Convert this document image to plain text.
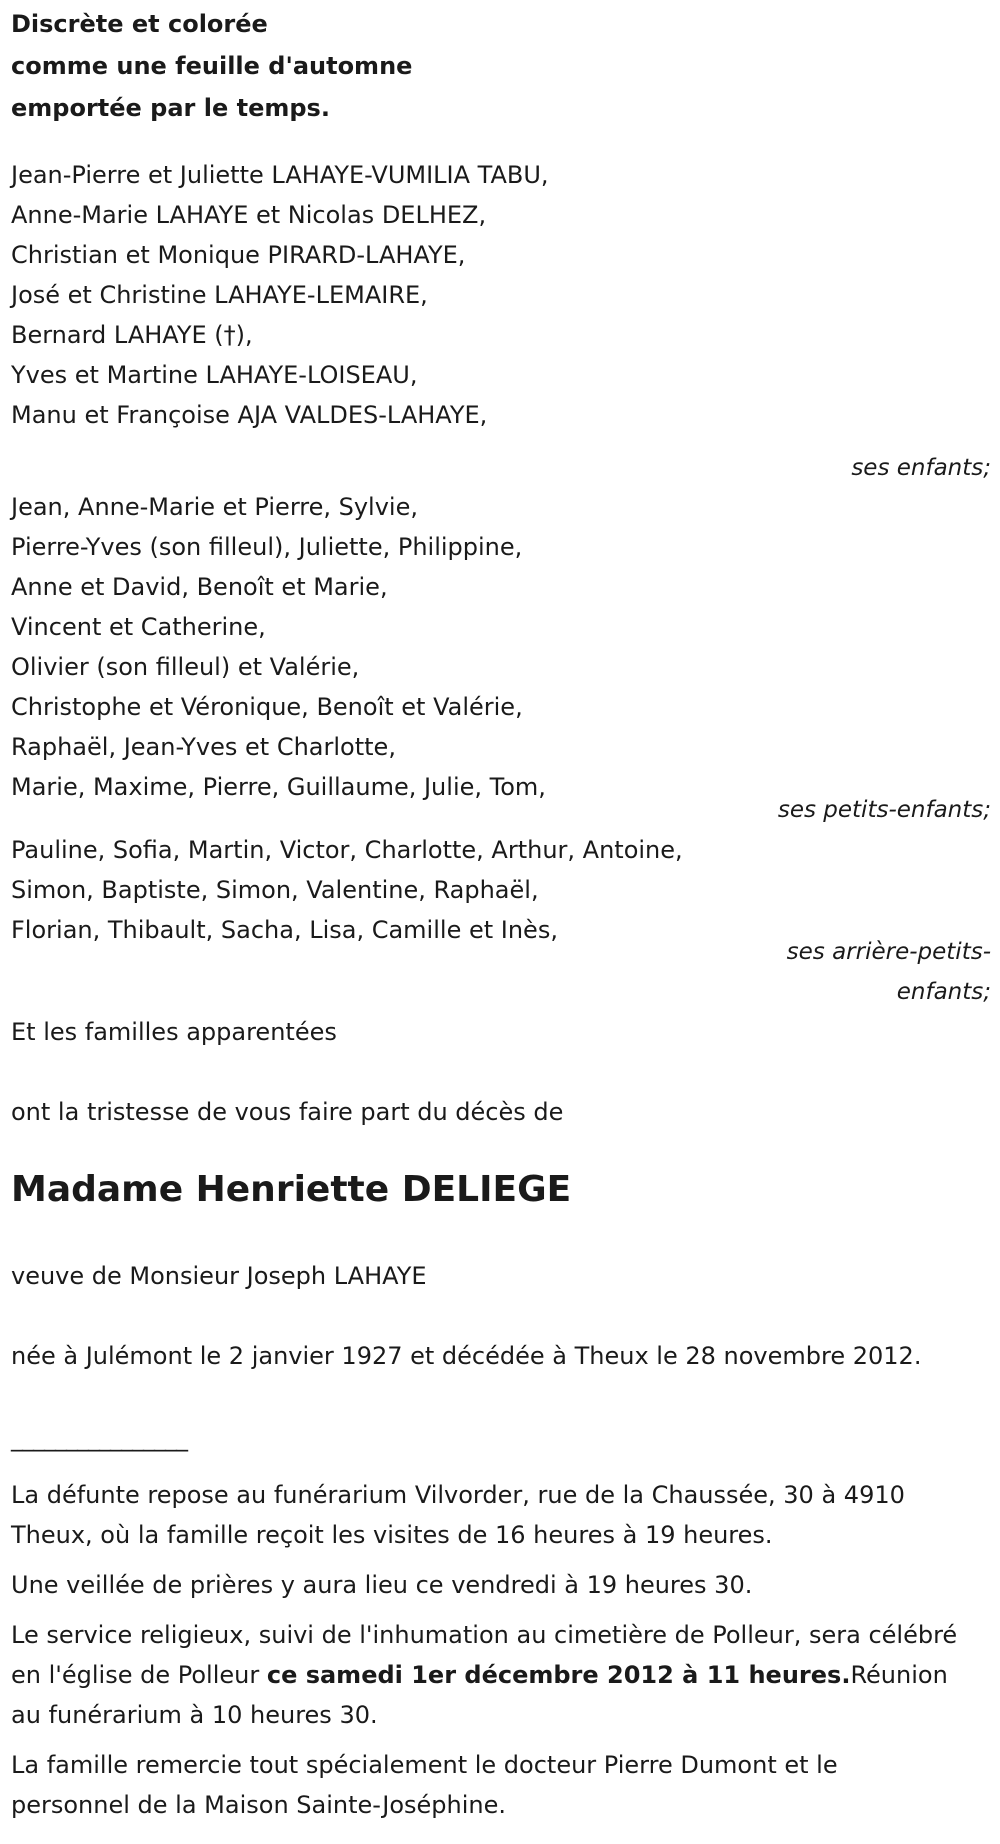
Discrète et colorée
comme une feuille d'automne
emportée par le temps.
Jean-Pierre et Juliette LAHAYE-VUMILIA TABU,
Anne-Marie LAHAYE et Nicolas DELHEZ,
Christian et Monique PIRARD-LAHAYE,
José et Christine LAHAYE-LEMAIRE,
Bernard LAHAYE (†),
Yves et Martine LAHAYE-LOISEAU,
Manu et Françoise AJA VALDES-LAHAYE,
ses enfants;
Jean, Anne-Marie et Pierre, Sylvie,
Pierre-Yves (son filleul), Juliette, Philippine,
Anne et David, Benoît et Marie,
Vincent et Catherine,
Olivier (son filleul) et Valérie,
Christophe et Véronique, Benoît et Valérie,
Raphaël, Jean-Yves et Charlotte,
Marie, Maxime, Pierre, Guillaume, Julie, Tom,
ses petits-enfants;
Pauline, Sofia, Martin, Victor, Charlotte, Arthur, Antoine,
Simon, Baptiste, Simon, Valentine, Raphaël,
Florian, Thibault, Sacha, Lisa, Camille et Inès,
ses arrière-petits-
enfants;
Et les familles apparentées
ont la tristesse de vous faire part du décès de
Madame Henriette DELIEGE
veuve de Monsieur Joseph LAHAYE
née à Julémont le 2 janvier 1927 et décédée à Theux le 28 novembre 2012.
________________
La défunte repose au funérarium Vilvorder, rue de la Chaussée, 30 à 4910 Theux, où la famille reçoit les visites de 16 heures à 19 heures.
Une veillée de prières y aura lieu ce vendredi à 19 heures 30.
Le service religieux, suivi de l'inhumation au cimetière de Polleur, sera célébré en l'église de Polleur ce samedi 1er décembre 2012 à 11 heures.Réunion au funérarium à 10 heures 30.
La famille remercie tout spécialement le docteur Pierre Dumont et le personnel de la Maison Sainte-Joséphine.
